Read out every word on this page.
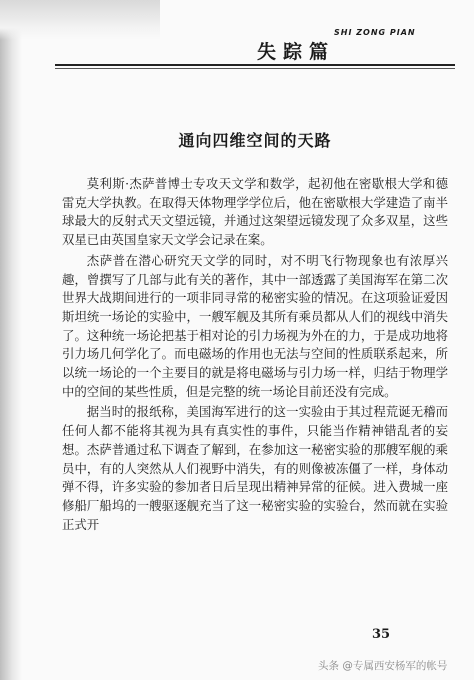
SHI ZONG PIAN
失踪篇
通向四维空间的天路

莫利斯·杰萨普博士专攻天文学和数学，起初他在密歇根大学和德雷克大学执教。在取得天体物理学学位后，他在密歇根大学建造了南半球最大的反射式天文望远镜，并通过这架望远镜发现了众多双星，这些双星已由英国皇家天文学会记录在案。

杰萨普在潜心研究天文学的同时，对不明飞行物现象也有浓厚兴趣，曾撰写了几部与此有关的著作，其中一部透露了美国海军在第二次世界大战期间进行的一项非同寻常的秘密实验的情况。在这项验证爱因斯坦统一场论的实验中，一艘军舰及其所有乘员都从人们的视线中消失了。这种统一场论把基于相对论的引力场视为外在的力，于是成功地将引力场几何学化了。而电磁场的作用也无法与空间的性质联系起来，所以统一场论的一个主要目的就是将电磁场与引力场一样，归结于物理学中的空间的某些性质，但是完整的统一场论目前还没有完成。

据当时的报纸称，美国海军进行的这一实验由于其过程荒诞无稽而任何人都不能将其视为具有真实性的事件，只能当作精神错乱者的妄想。杰萨普通过私下调查了解到，在参加这一秘密实验的那艘军舰的乘员中，有的人突然从人们视野中消失，有的则像被冻僵了一样，身体动弹不得，许多实验的参加者日后呈现出精神异常的征候。进入费城一座修船厂船坞的一艘驱逐舰充当了这一秘密实验的实验台，然而就在实验正式开

35
头条 @专属西安杨军的帐号
